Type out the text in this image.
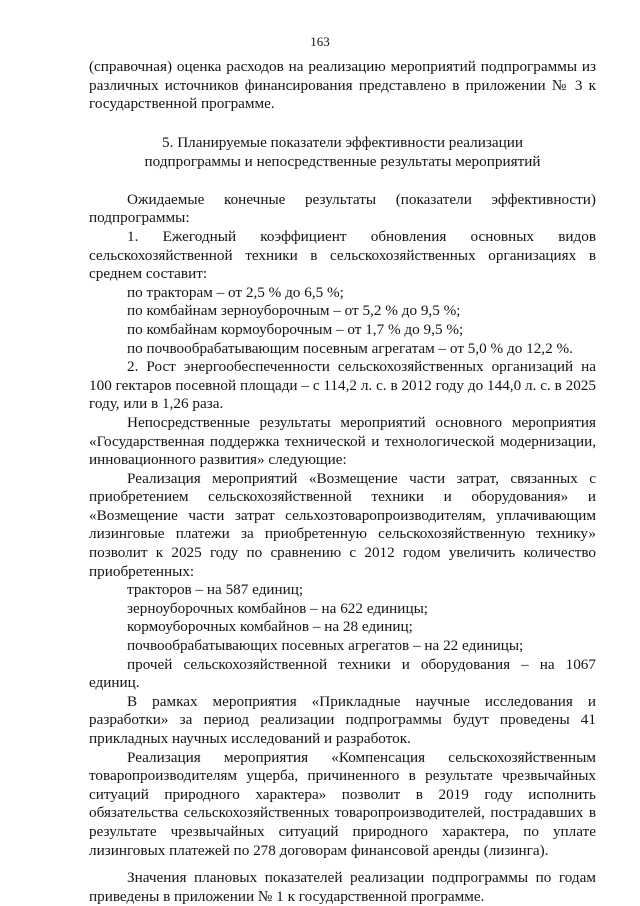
163

(справочная) оценка расходов на реализацию мероприятий подпрограммы из различных источников финансирования представлено в приложении № 3 к государственной программе.

5. Планируемые показатели эффективности реализации
подпрограммы и непосредственные результаты мероприятий

Ожидаемые конечные результаты (показатели эффективности) подпрограммы:

1. Ежегодный коэффициент обновления основных видов сельскохозяйственной техники в сельскохозяйственных организациях в среднем составит:

по тракторам – от 2,5 % до 6,5 %;

по комбайнам зерноуборочным – от 5,2 % до 9,5 %;

по комбайнам кормоуборочным – от 1,7 % до 9,5 %;

по почвообрабатывающим посевным агрегатам – от 5,0 % до 12,2 %.

2. Рост энергообеспеченности сельскохозяйственных организаций на 100 гектаров посевной площади – с 114,2 л. с. в 2012 году до 144,0 л. с. в 2025 году, или в 1,26 раза.

Непосредственные результаты мероприятий основного мероприятия «Государственная поддержка технической и технологической модернизации, инновационного развития» следующие:

Реализация мероприятий «Возмещение части затрат, связанных с приобретением сельскохозяйственной техники и оборудования» и «Возмещение части затрат сельхозтоваропроизводителям, уплачивающим лизинговые платежи за приобретенную сельскохозяйственную технику» позволит к 2025 году по сравнению с 2012 годом увеличить количество приобретенных:

тракторов – на 587 единиц;

зерноуборочных комбайнов – на 622 единицы;

кормоуборочных комбайнов – на 28 единиц;

почвообрабатывающих посевных агрегатов – на 22 единицы;

прочей сельскохозяйственной техники и оборудования – на 1067 единиц.

В рамках мероприятия «Прикладные научные исследования и разработки» за период реализации подпрограммы будут проведены 41 прикладных научных исследований и разработок.

Реализация мероприятия «Компенсация сельскохозяйственным товаропроизводителям ущерба, причиненного в результате чрезвычайных ситуаций природного характера» позволит в 2019 году исполнить обязательства сельскохозяйственных товаропроизводителей, пострадавших в результате чрезвычайных ситуаций природного характера, по уплате лизинговых платежей по 278 договорам финансовой аренды (лизинга).

Значения плановых показателей реализации подпрограммы по годам приведены в приложении № 1 к государственной программе.
